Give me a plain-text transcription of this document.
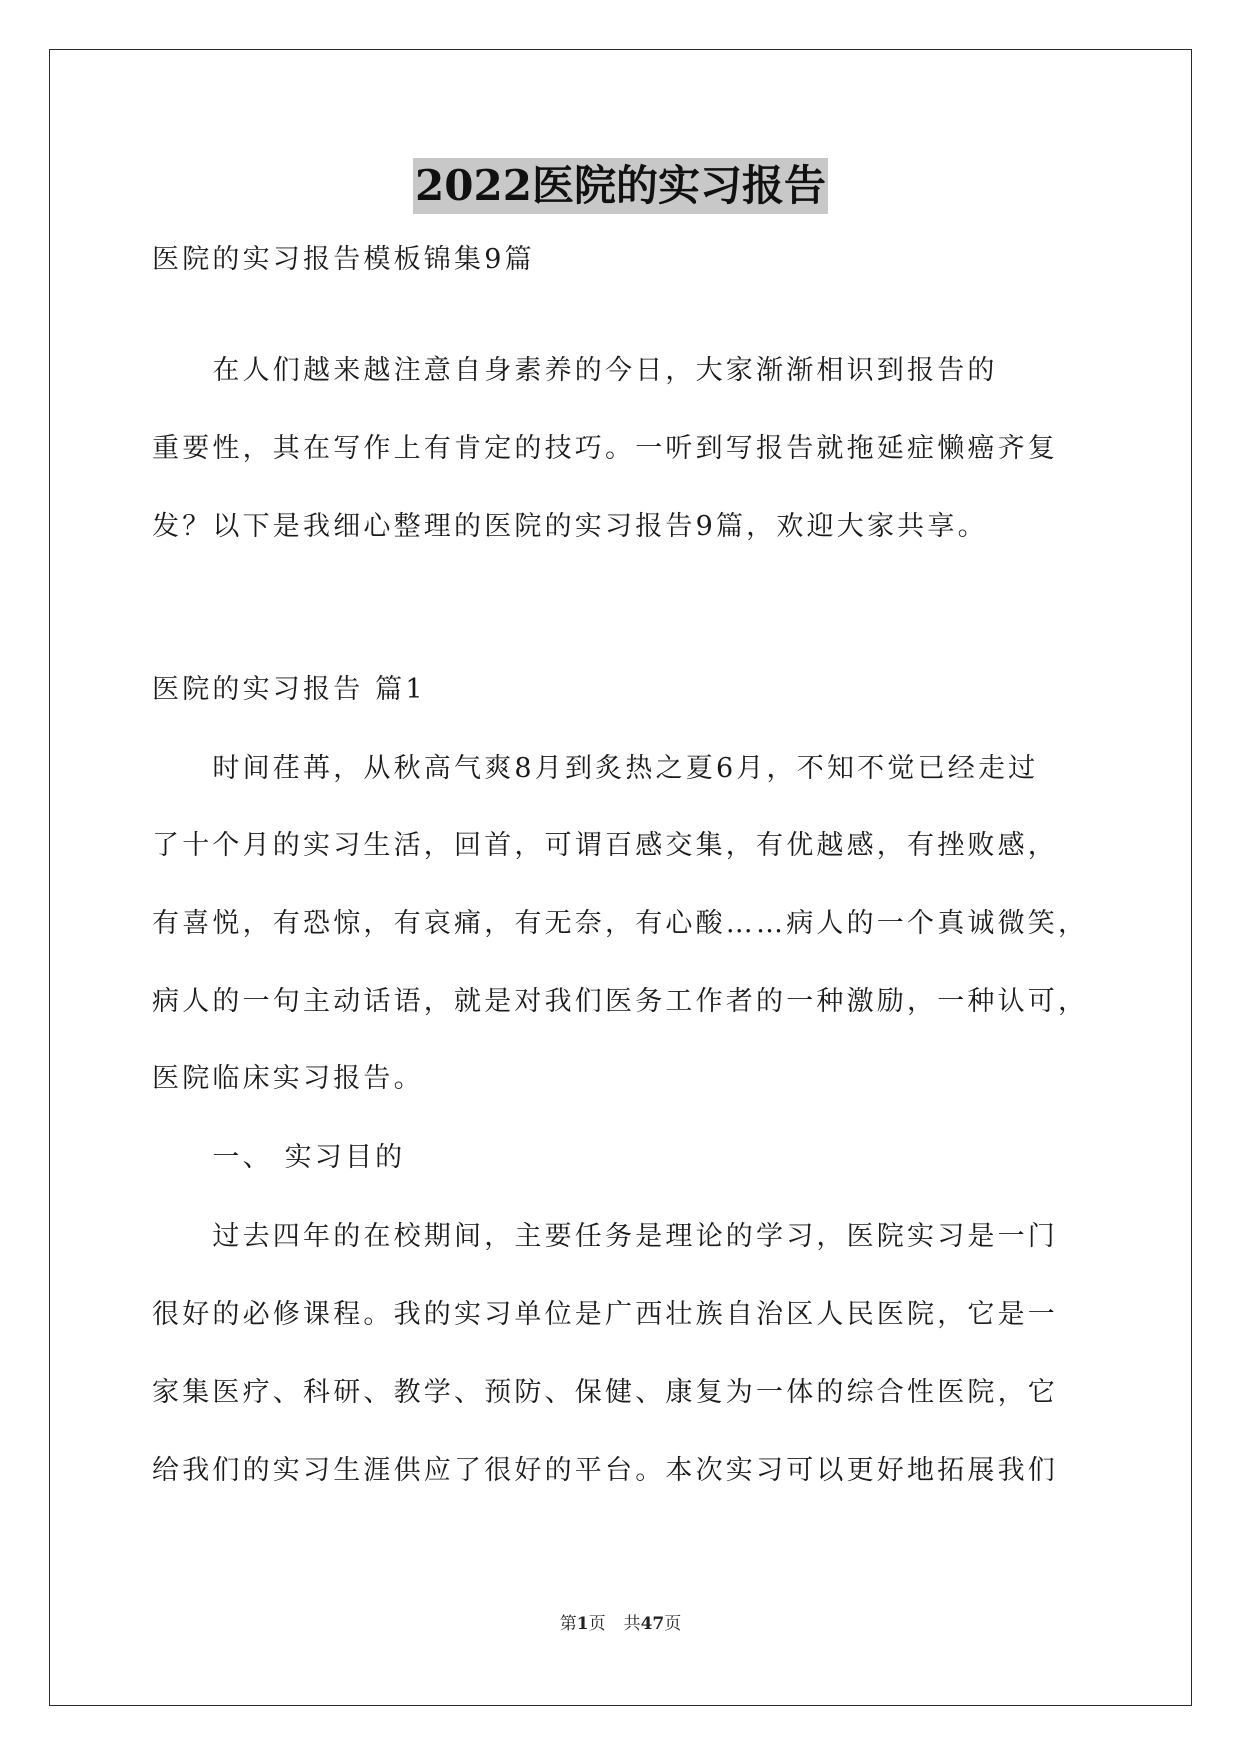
2022医院的实习报告
医院的实习报告模板锦集9篇
　　在人们越来越注意自身素养的今日，大家渐渐相识到报告的
重要性，其在写作上有肯定的技巧。一听到写报告就拖延症懒癌齐复
发？以下是我细心整理的医院的实习报告9篇，欢迎大家共享。
医院的实习报告 篇1
　　时间荏苒，从秋高气爽8月到炙热之夏6月，不知不觉已经走过
了十个月的实习生活，回首，可谓百感交集，有优越感，有挫败感，
有喜悦，有恐惊，有哀痛，有无奈，有心酸……病人的一个真诚微笑，
病人的一句主动话语，就是对我们医务工作者的一种激励，一种认可，
医院临床实习报告。
　　一、 实习目的
　　过去四年的在校期间，主要任务是理论的学习，医院实习是一门
很好的必修课程。我的实习单位是广西壮族自治区人民医院，它是一
家集医疗、科研、教学、预防、保健、康复为一体的综合性医院，它
给我们的实习生涯供应了很好的平台。本次实习可以更好地拓展我们
第1页 共47页
